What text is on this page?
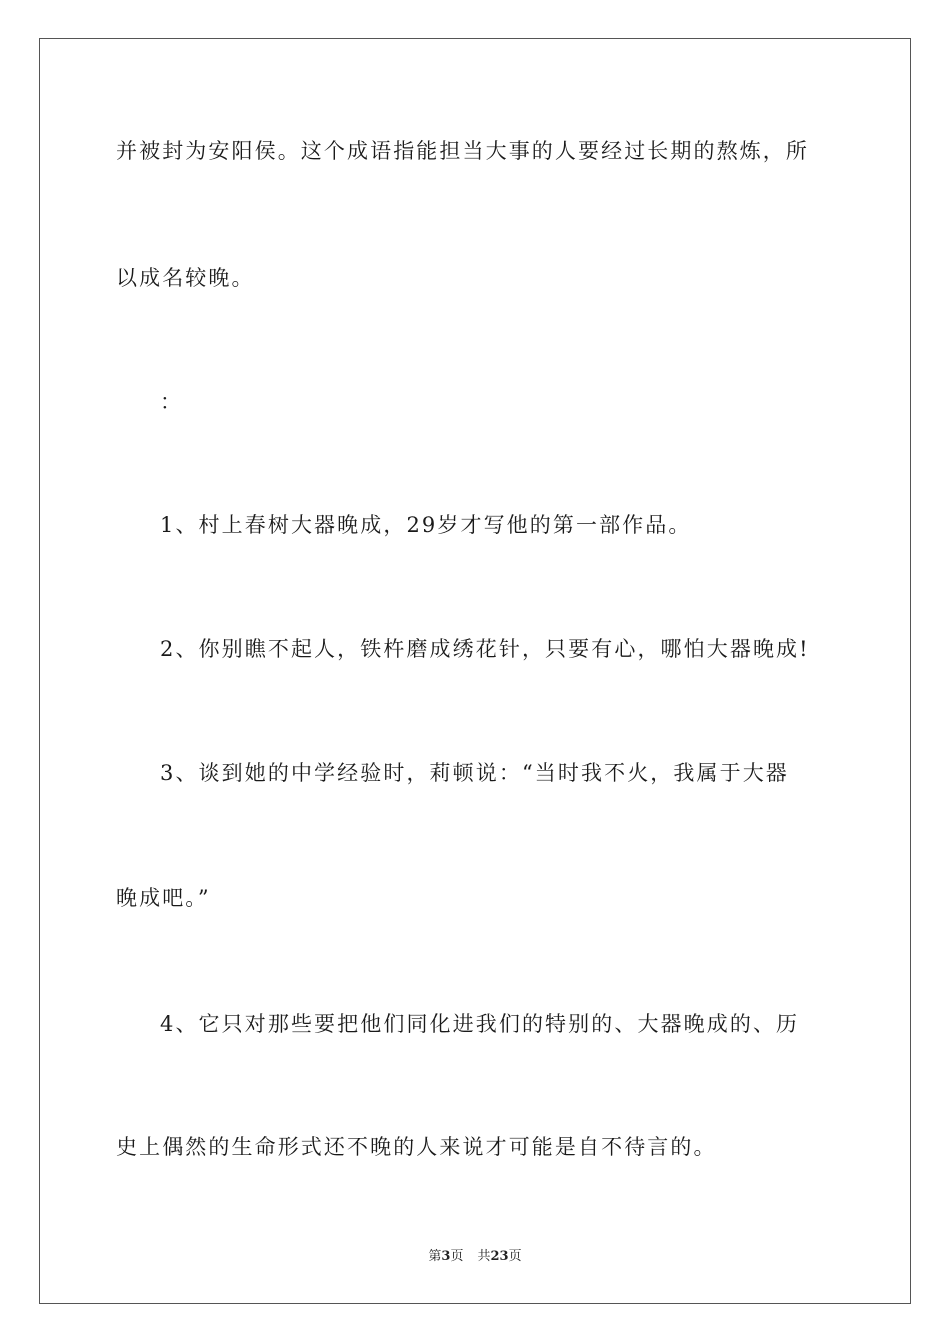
并被封为安阳侯。这个成语指能担当大事的人要经过长期的熬炼，所
以成名较晚。
：
1、村上春树大器晚成，29岁才写他的第一部作品。
2、你别瞧不起人，铁杵磨成绣花针，只要有心，哪怕大器晚成!
3、谈到她的中学经验时，莉顿说：“当时我不火，我属于大器
晚成吧。”
4、它只对那些要把他们同化进我们的特别的、大器晚成的、历
史上偶然的生命形式还不晚的人来说才可能是自不待言的。
第3页 共23页
